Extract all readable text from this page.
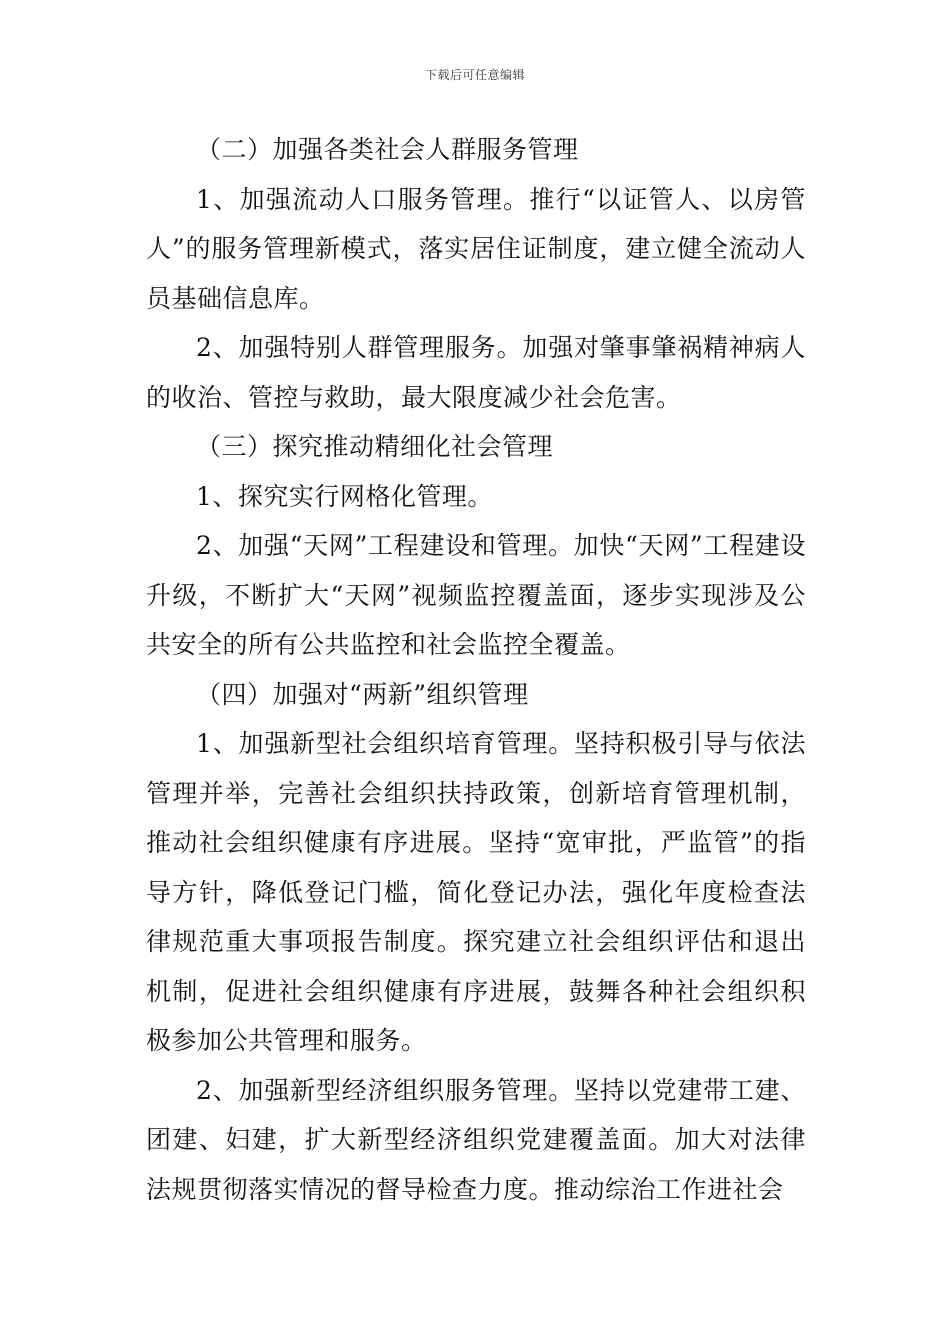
下载后可任意编辑

（二）加强各类社会人群服务管理

1、加强流动人口服务管理。推行“以证管人、以房管人”的服务管理新模式，落实居住证制度，建立健全流动人员基础信息库。

2、加强特别人群管理服务。加强对肇事肇祸精神病人的收治、管控与救助，最大限度减少社会危害。

（三）探究推动精细化社会管理

1、探究实行网格化管理。

2、加强“天网”工程建设和管理。加快“天网”工程建设升级，不断扩大“天网”视频监控覆盖面，逐步实现涉及公共安全的所有公共监控和社会监控全覆盖。

（四）加强对“两新”组织管理

1、加强新型社会组织培育管理。坚持积极引导与依法管理并举，完善社会组织扶持政策，创新培育管理机制，推动社会组织健康有序进展。坚持“宽审批，严监管”的指导方针，降低登记门槛，简化登记办法，强化年度检查法律规范重大事项报告制度。探究建立社会组织评估和退出机制，促进社会组织健康有序进展，鼓舞各种社会组织积极参加公共管理和服务。

2、加强新型经济组织服务管理。坚持以党建带工建、团建、妇建，扩大新型经济组织党建覆盖面。加大对法律法规贯彻落实情况的督导检查力度。推动综治工作进社会
